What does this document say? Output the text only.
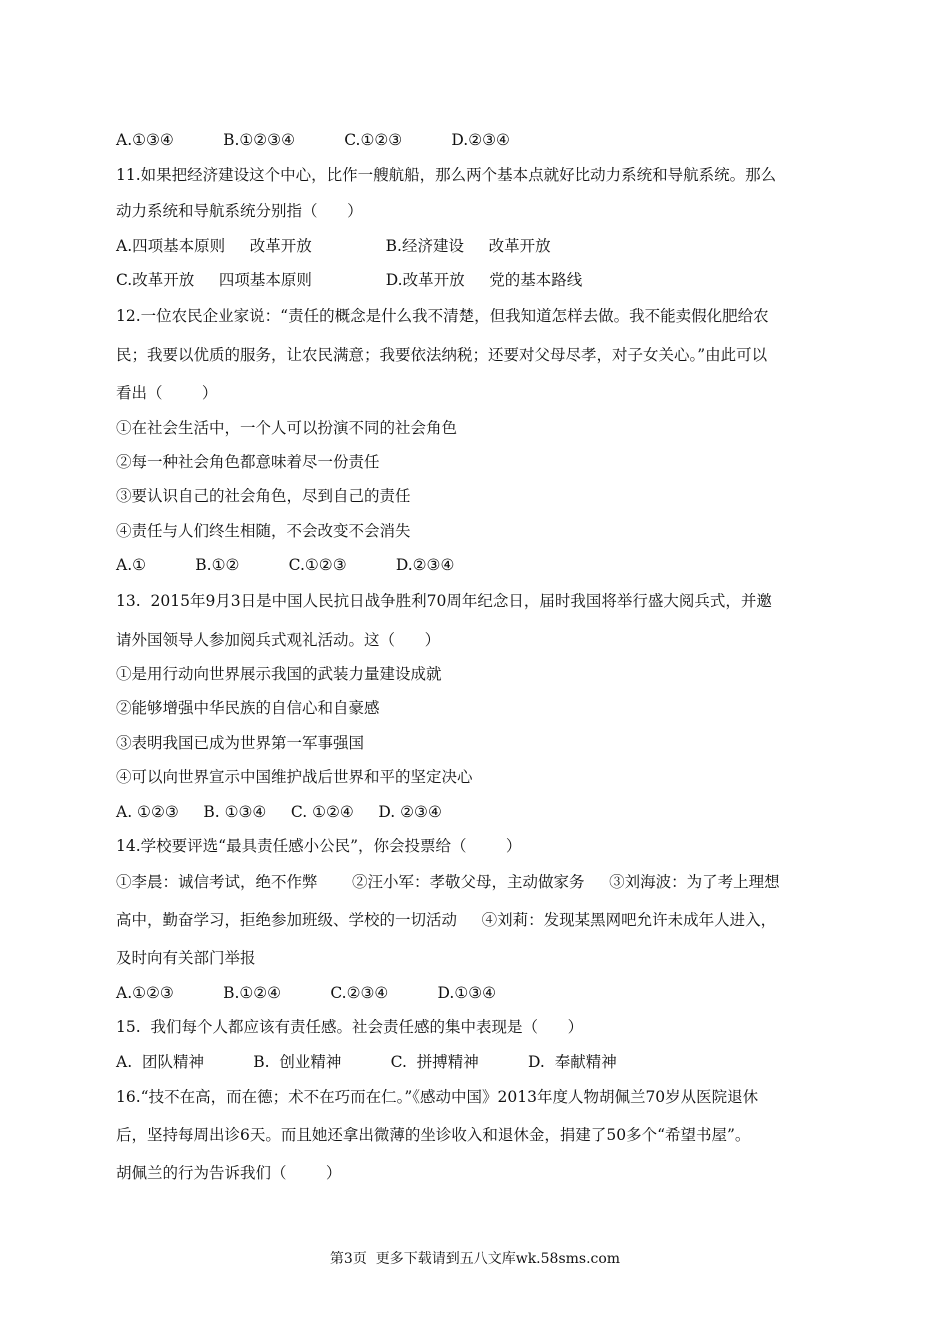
A.①③④          B.①②③④          C.①②③          D.②③④
11.如果把经济建设这个中心，比作一艘航船，那么两个基本点就好比动力系统和导航系统。那么
动力系统和导航系统分别指（      ）
A.四项基本原则     改革开放               B.经济建设     改革开放
C.改革开放     四项基本原则               D.改革开放     党的基本路线
12.一位农民企业家说：“责任的概念是什么我不清楚，但我知道怎样去做。我不能卖假化肥给农
民；我要以优质的服务，让农民满意；我要依法纳税；还要对父母尽孝，对子女关心。”由此可以
看出（        ）
①在社会生活中，一个人可以扮演不同的社会角色
②每一种社会角色都意味着尽一份责任
③要认识自己的社会角色，尽到自己的责任
④责任与人们终生相随，不会改变不会消失
A.①          B.①②          C.①②③          D.②③④
13.  2015年9月3日是中国人民抗日战争胜利70周年纪念日，届时我国将举行盛大阅兵式，并邀
请外国领导人参加阅兵式观礼活动。这（      ）
①是用行动向世界展示我国的武装力量建设成就
②能够增强中华民族的自信心和自豪感
③表明我国已成为世界第一军事强国
④可以向世界宣示中国维护战后世界和平的坚定决心
A. ①②③     B. ①③④     C. ①②④     D. ②③④
14.学校要评选“最具责任感小公民”，你会投票给（        ）
①李晨：诚信考试，绝不作弊       ②汪小军：孝敬父母，主动做家务     ③刘海波：为了考上理想
高中，勤奋学习，拒绝参加班级、学校的一切活动     ④刘莉：发现某黑网吧允许未成年人进入，
及时向有关部门举报
A.①②③          B.①②④          C.②③④          D.①③④
15.  我们每个人都应该有责任感。社会责任感的集中表现是（      ）
A.  团队精神          B.  创业精神          C.  拼搏精神          D.  奉献精神
16.“技不在高，而在德；术不在巧而在仁。”《感动中国》2013年度人物胡佩兰70岁从医院退休
后，坚持每周出诊6天。而且她还拿出微薄的坐诊收入和退休金，捐建了50多个“希望书屋”。
胡佩兰的行为告诉我们（        ）
第3页  更多下载请到五八文库wk.58sms.com
